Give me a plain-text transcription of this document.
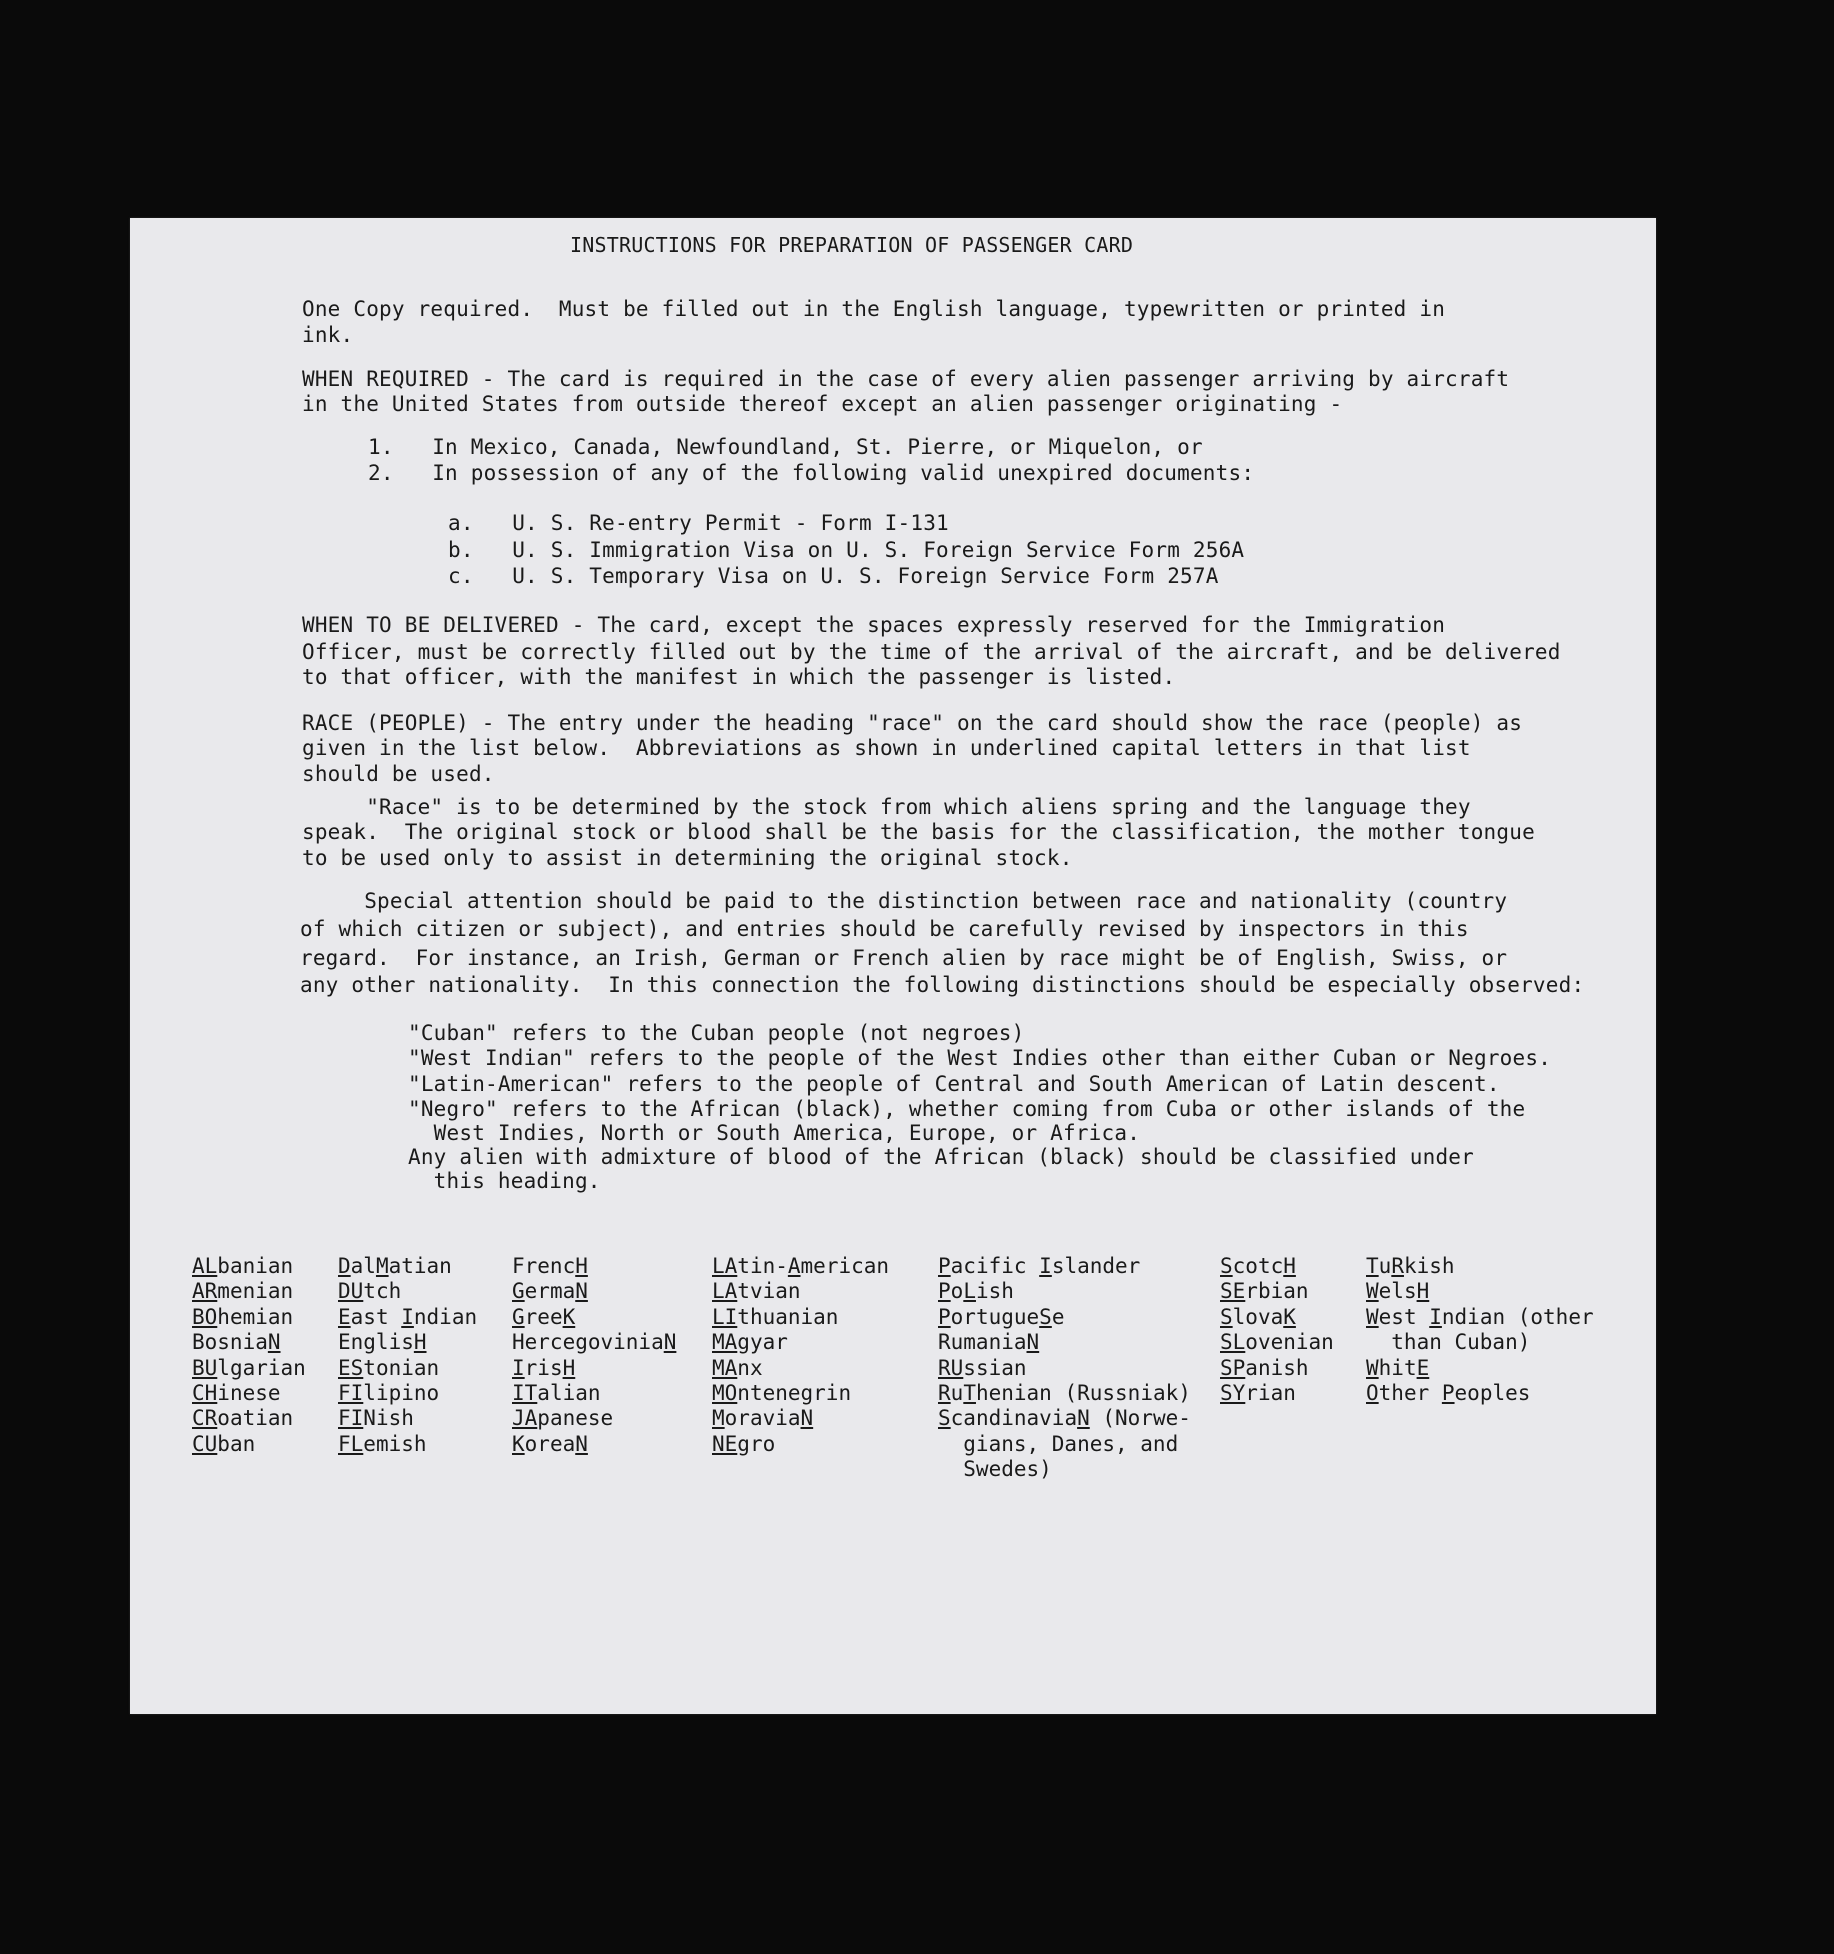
INSTRUCTIONS FOR PREPARATION OF PASSENGER CARD
One Copy required.  Must be filled out in the English language, typewritten or printed in
ink.
WHEN REQUIRED - The card is required in the case of every alien passenger arriving by aircraft
in the United States from outside thereof except an alien passenger originating -
1.   In Mexico, Canada, Newfoundland, St. Pierre, or Miquelon, or
2.   In possession of any of the following valid unexpired documents:
a.   U. S. Re-entry Permit - Form I-131
b.   U. S. Immigration Visa on U. S. Foreign Service Form 256A
c.   U. S. Temporary Visa on U. S. Foreign Service Form 257A
WHEN TO BE DELIVERED - The card, except the spaces expressly reserved for the Immigration
Officer, must be correctly filled out by the time of the arrival of the aircraft, and be delivered
to that officer, with the manifest in which the passenger is listed.
RACE (PEOPLE) - The entry under the heading "race" on the card should show the race (people) as
given in the list below.  Abbreviations as shown in underlined capital letters in that list
should be used.
"Race" is to be determined by the stock from which aliens spring and the language they
speak.  The original stock or blood shall be the basis for the classification, the mother tongue
to be used only to assist in determining the original stock.
Special attention should be paid to the distinction between race and nationality (country
of which citizen or subject), and entries should be carefully revised by inspectors in this
regard.  For instance, an Irish, German or French alien by race might be of English, Swiss, or
any other nationality.  In this connection the following distinctions should be especially observed:
"Cuban" refers to the Cuban people (not negroes)
"West Indian" refers to the people of the West Indies other than either Cuban or Negroes.
"Latin-American" refers to the people of Central and South American of Latin descent.
"Negro" refers to the African (black), whether coming from Cuba or other islands of the
West Indies, North or South America, Europe, or Africa.
Any alien with admixture of blood of the African (black) should be classified under
this heading.
ALbanian
ARmenian
BOhemian
BosniaN
BUlgarian
CHinese
CRoatian
CUban
DalMatian
DUtch
East Indian
EnglisH
EStonian
FIlipino
FINish
FLemish
FrencH
GermaN
GreeK
HercegoviniaN
IrisH
ITalian
JApanese
KoreaN
LAtin-American
LAtvian
LIthuanian
MAgyar
MAnx
MOntenegrin
MoraviaN
NEgro
Pacific Islander
PoLish
PortugueSe
RumaniaN
RUssian
RuThenian (Russniak)
ScandinaviaN (Norwe-
gians, Danes, and
Swedes)
ScotcH
SErbian
SlovaK
SLovenian
SPanish
SYrian
TuRkish
WelsH
West Indian (other
than Cuban)
WhitE
Other Peoples
